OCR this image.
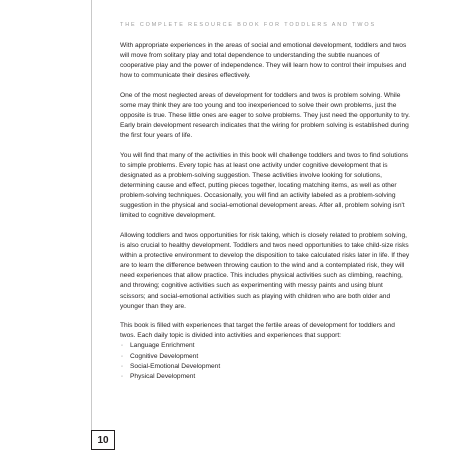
THE COMPLETE RESOURCE BOOK FOR TODDLERS AND TWOS

With appropriate experiences in the areas of social and emotional development, toddlers and twos will move from solitary play and total dependence to understanding the subtle nuances of cooperative play and the power of independence. They will learn how to control their impulses and how to communicate their desires effectively.

One of the most neglected areas of development for toddlers and twos is problem solving. While some may think they are too young and too inexperienced to solve their own problems, just the opposite is true. These little ones are eager to solve problems. They just need the opportunity to try. Early brain development research indicates that the wiring for problem solving is established during the first four years of life.

You will find that many of the activities in this book will challenge toddlers and twos to find solutions to simple problems. Every topic has at least one activity under cognitive development that is designated as a problem-solving suggestion. These activities involve looking for solutions, determining cause and effect, putting pieces together, locating matching items, as well as other problem-solving techniques. Occasionally, you will find an activity labeled as a problem-solving suggestion in the physical and social-emotional development areas. After all, problem solving isn't limited to cognitive development.

Allowing toddlers and twos opportunities for risk taking, which is closely related to problem solving, is also crucial to healthy development. Toddlers and twos need opportunities to take child-size risks within a protective environment to develop the disposition to take calculated risks later in life. If they are to learn the difference between throwing caution to the wind and a contemplated risk, they will need experiences that allow practice. This includes physical activities such as climbing, reaching, and throwing; cognitive activities such as experimenting with messy paints and using blunt scissors; and social-emotional activities such as playing with children who are both older and younger than they are.

This book is filled with experiences that target the fertile areas of development for toddlers and twos. Each daily topic is divided into activities and experiences that support:

◦ Language Enrichment
◦ Cognitive Development
◦ Social-Emotional Development
◦ Physical Development
10
